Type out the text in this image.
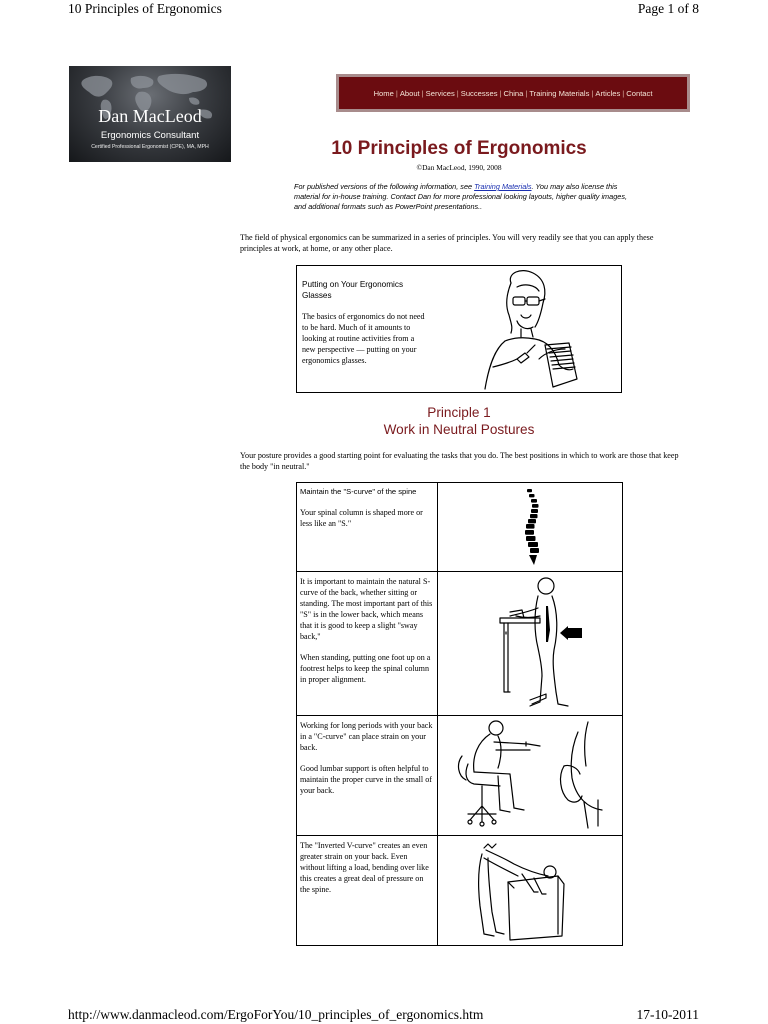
10 Principles of Ergonomics	Page 1 of 8
Dan MacLeod
Ergonomics Consultant
Certified Professional Ergonomist (CPE), MA, MPH
Home | About | Services | Successes | China | Training Materials | Articles | Contact
10 Principles of Ergonomics
©Dan MacLeod, 1990, 2008

For published versions of the following information, see Training Materials. You may also license this material for in-house training. Contact Dan for more professional looking layouts, higher quality images, and additional formats such as PowerPoint presentations..

The field of physical ergonomics can be summarized in a series of principles. You will very readily see that you can apply these principles at work, at home, or any other place.

Putting on Your Ergonomics Glasses
The basics of ergonomics do not need to be hard. Much of it amounts to looking at routine activities from a new perspective — putting on your ergonomics glasses.
Principle 1
Work in Neutral Postures

Your posture provides a good starting point for evaluating the tasks that you do. The best positions in which to work are those that keep the body "in neutral."

Maintain the "S-curve" of the spine
Your spinal column is shaped more or less like an "S."
It is important to maintain the natural S-curve of the back, whether sitting or standing. The most important part of this "S" is in the lower back, which means that it is good to keep a slight "sway back,"
When standing, putting one foot up on a footrest helps to keep the spinal column in proper alignment.
Working for long periods with your back in a "C-curve" can place strain on your back.
Good lumbar support is often helpful to maintain the proper curve in the small of your back.
The "Inverted V-curve" creates an even greater strain on your back. Even without lifting a load, bending over like this creates a great deal of pressure on the spine.
http://www.danmacleod.com/ErgoForYou/10_principles_of_ergonomics.htm	17-10-2011
